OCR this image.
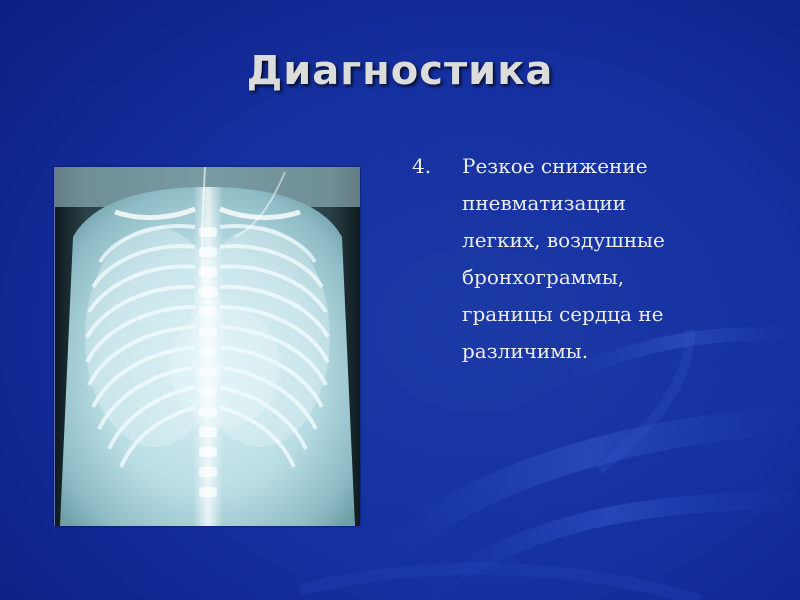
Диагностика
4. Резкое снижение
пневматизации
легких, воздушные
бронхограммы,
границы сердца не
различимы.
